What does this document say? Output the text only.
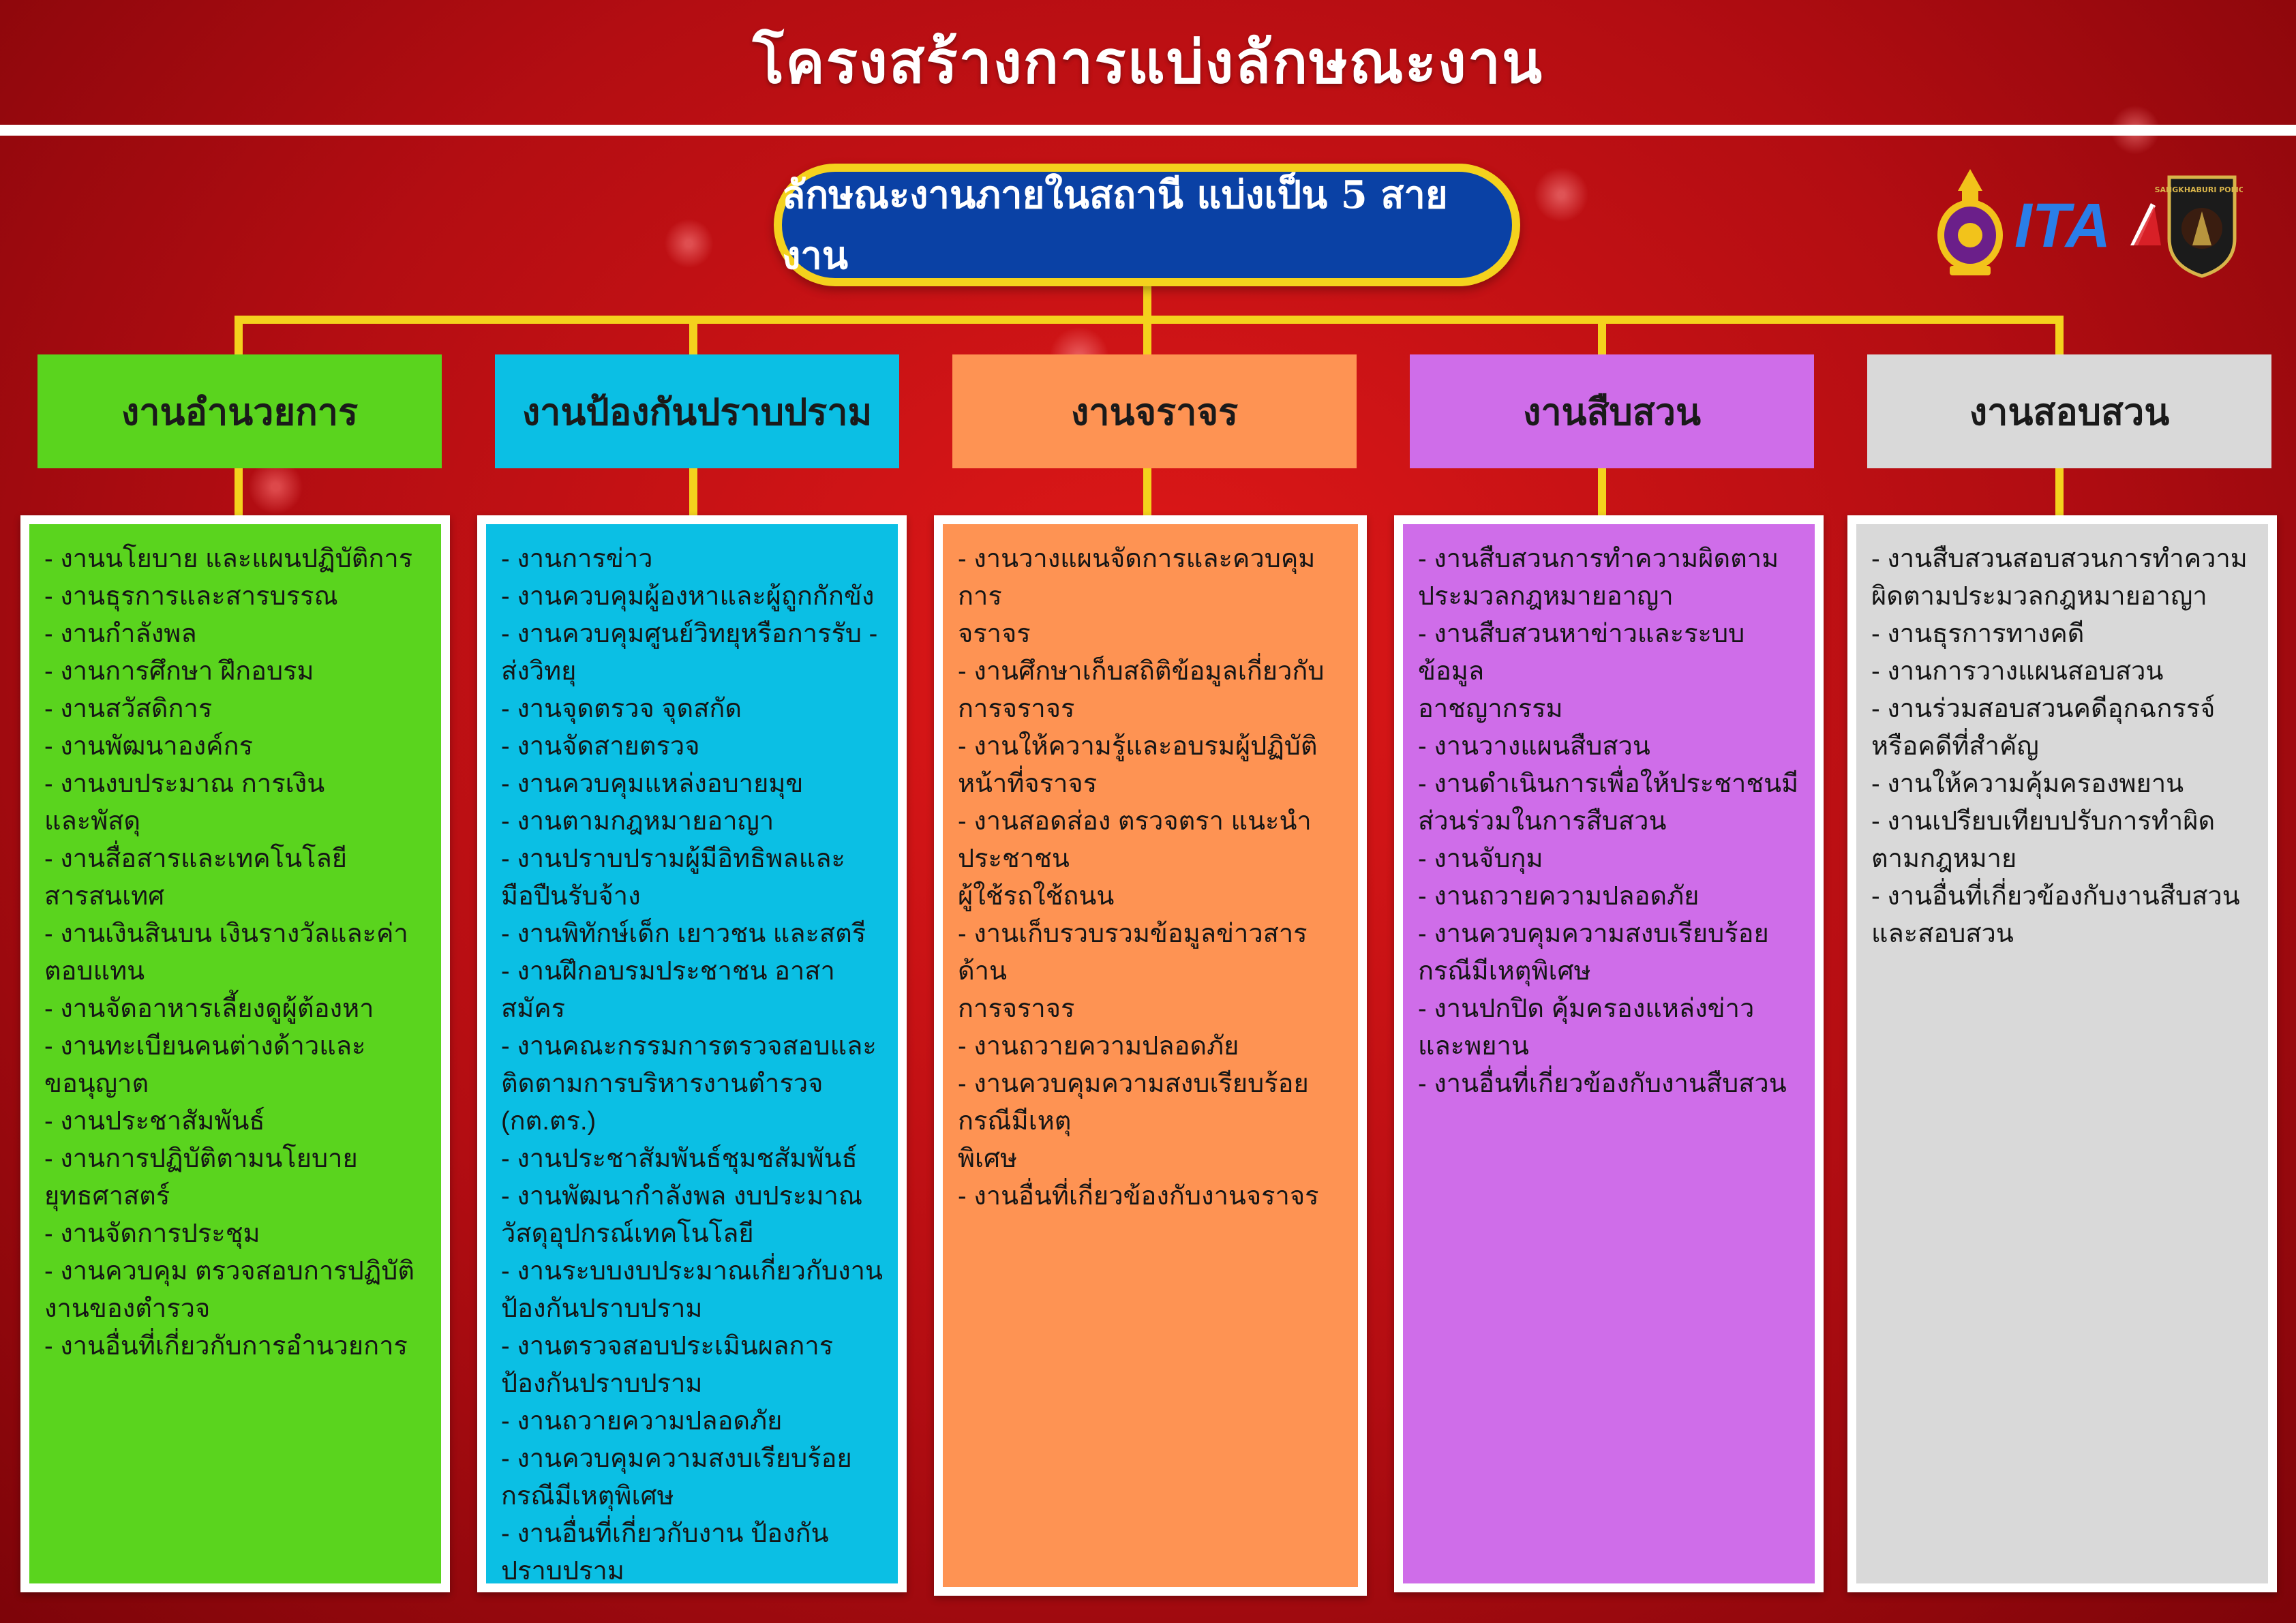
โครงสร้างการแบ่งลักษณะงาน
ลักษณะงานภายในสถานี แบ่งเป็น 5 สายงาน	ITA
SANGKHABURI POLICE
งานอำนวยการ	งานป้องกันปราบปราม	งานจราจร	งานสืบสวน	งานสอบสวน
- งานนโยบาย และแผนปฏิบัติการ
- งานธุรการและสารบรรณ
- งานกำลังพล
- งานการศึกษา ฝึกอบรม
- งานสวัสดิการ
- งานพัฒนาองค์กร
- งานงบประมาณ การเงิน
และพัสดุ
- งานสื่อสารและเทคโนโลยีสารสนเทศ
- งานเงินสินบน เงินรางวัลและค่า
ตอบแทน
- งานจัดอาหารเลี้ยงดูผู้ต้องหา
- งานทะเบียนคนต่างด้าวและ
ขอนุญาต
- งานประชาสัมพันธ์
- งานการปฏิบัติตามนโยบาย
ยุทธศาสตร์
- งานจัดการประชุม
- งานควบคุม ตรวจสอบการปฏิบัติ
งานของตำรวจ
- งานอื่นที่เกี่ยวกับการอำนวยการ
- งานการข่าว
- งานควบคุมผู้องหาและผู้ถูกกักขัง
- งานควบคุมศูนย์วิทยุหรือการรับ -
ส่งวิทยุ
- งานจุดตรวจ จุดสกัด
- งานจัดสายตรวจ
- งานควบคุมแหล่งอบายมุข
- งานตามกฎหมายอาญา
- งานปราบปรามผู้มีอิทธิพลและ
มือปืนรับจ้าง
- งานพิทักษ์เด็ก เยาวชน และสตรี
- งานฝึกอบรมประชาชน อาสา
สมัคร
- งานคณะกรรมการตรวจสอบและ
ติดตามการบริหารงานตำรวจ
(กต.ตร.)
- งานประชาสัมพันธ์ชุมชสัมพันธ์
- งานพัฒนากำลังพล งบประมาณ
วัสดุอุปกรณ์เทคโนโลยี
- งานระบบงบประมาณเกี่ยวกับงาน
ป้องกันปราบปราม
- งานตรวจสอบประเมินผลการ
ป้องกันปราบปราม
- งานถวายความปลอดภัย
- งานควบคุมความสงบเรียบร้อย
กรณีมีเหตุพิเศษ
- งานอื่นที่เกี่ยวกับงาน ป้องกัน
ปราบปราม
- งานวางแผนจัดการและควบคุมการ
จราจร
- งานศึกษาเก็บสถิติข้อมูลเกี่ยวกับ
การจราจร
- งานให้ความรู้และอบรมผู้ปฏิบัติ
หน้าที่จราจร
- งานสอดส่อง ตรวจตรา แนะนำ
ประชาชน
ผู้ใช้รถใช้ถนน
- งานเก็บรวบรวมข้อมูลข่าวสารด้าน
การจราจร
- งานถวายความปลอดภัย
- งานควบคุมความสงบเรียบร้อย
กรณีมีเหตุ
พิเศษ
- งานอื่นที่เกี่ยวข้องกับงานจราจร
- งานสืบสวนการทำความผิดตาม
ประมวลกฎหมายอาญา
- งานสืบสวนหาข่าวและระบบ
ข้อมูล
อาชญากรรม
- งานวางแผนสืบสวน
- งานดำเนินการเพื่อให้ประชาชนมี
ส่วนร่วมในการสืบสวน
- งานจับกุม
- งานถวายความปลอดภัย
- งานควบคุมความสงบเรียบร้อย
กรณีมีเหตุพิเศษ
- งานปกปิด คุ้มครองแหล่งข่าว
และพยาน
- งานอื่นที่เกี่ยวข้องกับงานสืบสวน
- งานสืบสวนสอบสวนการทำความ
ผิดตามประมวลกฎหมายอาญา
- งานธุรการทางคดี
- งานการวางแผนสอบสวน
- งานร่วมสอบสวนคดีอุกฉกรรจ์
หรือคดีที่สำคัญ
- งานให้ความคุ้มครองพยาน
- งานเปรียบเทียบปรับการทำผิด
ตามกฎหมาย
- งานอื่นที่เกี่ยวข้องกับงานสืบสวน
และสอบสวน
